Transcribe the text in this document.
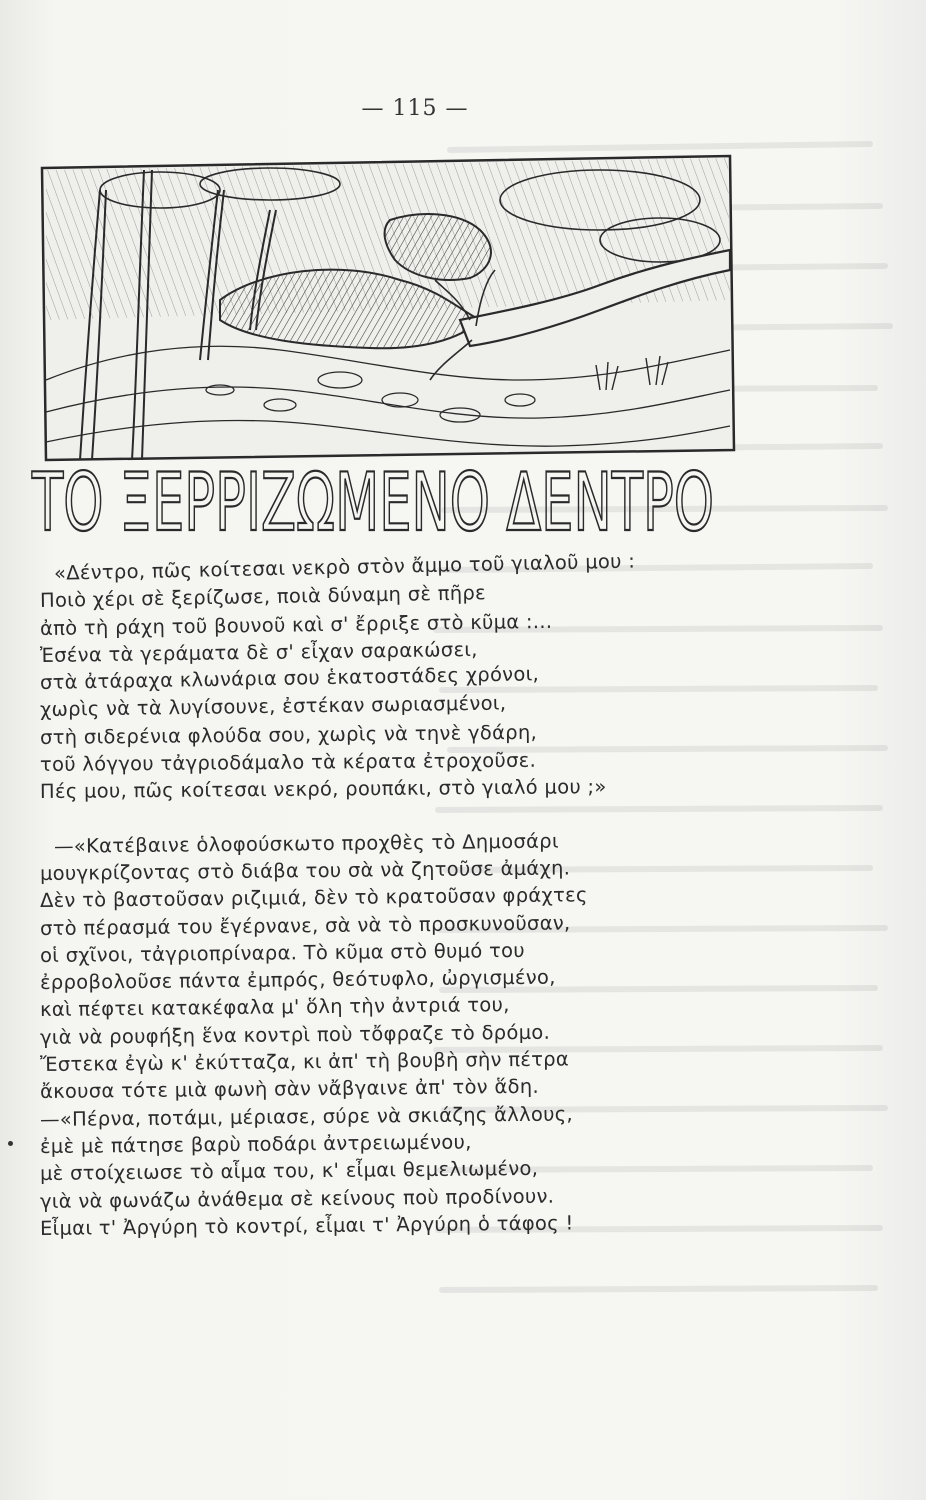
— 115 —
ΤΟ ΞΕΡΡΙΖΩΜΕΝΟ ΔΕΝΤΡΟ
«Δέντρο, πῶς κοίτεσαι νεκρὸ στὸν ἄμμο τοῦ γιαλοῦ μου :
Ποιὸ χέρι σὲ ξερίζωσε, ποιὰ δύναμη σὲ πῆρε
ἀπὸ τὴ ράχη τοῦ βουνοῦ καὶ σ' ἔρριξε στὸ κῦμα :...
Ἐσένα τὰ γεράματα δὲ σ' εἶχαν σαρακώσει,
στὰ ἀτάραχα κλωνάρια σου ἑκατοστάδες χρόνοι,
χωρὶς νὰ τὰ λυγίσουνε, ἐστέκαν σωριασμένοι,
στὴ σιδερένια φλούδα σου, χωρὶς νὰ τηνὲ γδάρη,
τοῦ λόγγου τἀγριοδάμαλο τὰ κέρατα ἐτροχοῦσε.
Πές μου, πῶς κοίτεσαι νεκρό, ρουπάκι, στὸ γιαλό μου ;»
—«Κατέβαινε ὁλοφούσκωτο προχθὲς τὸ Δημοσάρι
μουγκρίζοντας στὸ διάβα του σὰ νὰ ζητοῦσε ἀμάχη.
Δὲν τὸ βαστοῦσαν ριζιμιά, δὲν τὸ κρατοῦσαν φράχτες
στὸ πέρασμά του ἔγέρνανε, σὰ νὰ τὸ προσκυνοῦσαν,
οἱ σχῖνοι, τἀγριοπρίναρα. Τὸ κῦμα στὸ θυμό του
ἐρροβολοῦσε πάντα ἐμπρός, θεότυφλο, ὠργισμένο,
καὶ πέφτει κατακέφαλα μ' ὅλη τὴν ἀντριά του,
γιὰ νὰ ρουφήξη ἕνα κοντρὶ ποὺ τὄφραζε τὸ δρόμο.
Ἔστεκα ἐγὼ κ' ἐκύτταζα, κι ἀπ' τὴ βουβὴ σὴν πέτρα
ἄκουσα τότε μιὰ φωνὴ σὰν νἄβγαινε ἀπ' τὸν ἅδη.
—«Πέρνα, ποτάμι, μέριασε, σύρε νὰ σκιάζης ἄλλους,
ἐμὲ μὲ πάτησε βαρὺ ποδάρι ἀντρειωμένου,
μὲ στοίχειωσε τὸ αἷμα του, κ' εἶμαι θεμελιωμένο,
γιὰ νὰ φωνάζω ἀνάθεμα σὲ κείνους ποὺ προδίνουν.
Εἶμαι τ' Ἀργύρη τὸ κοντρί, εἶμαι τ' Ἀργύρη ὁ τάφος !
